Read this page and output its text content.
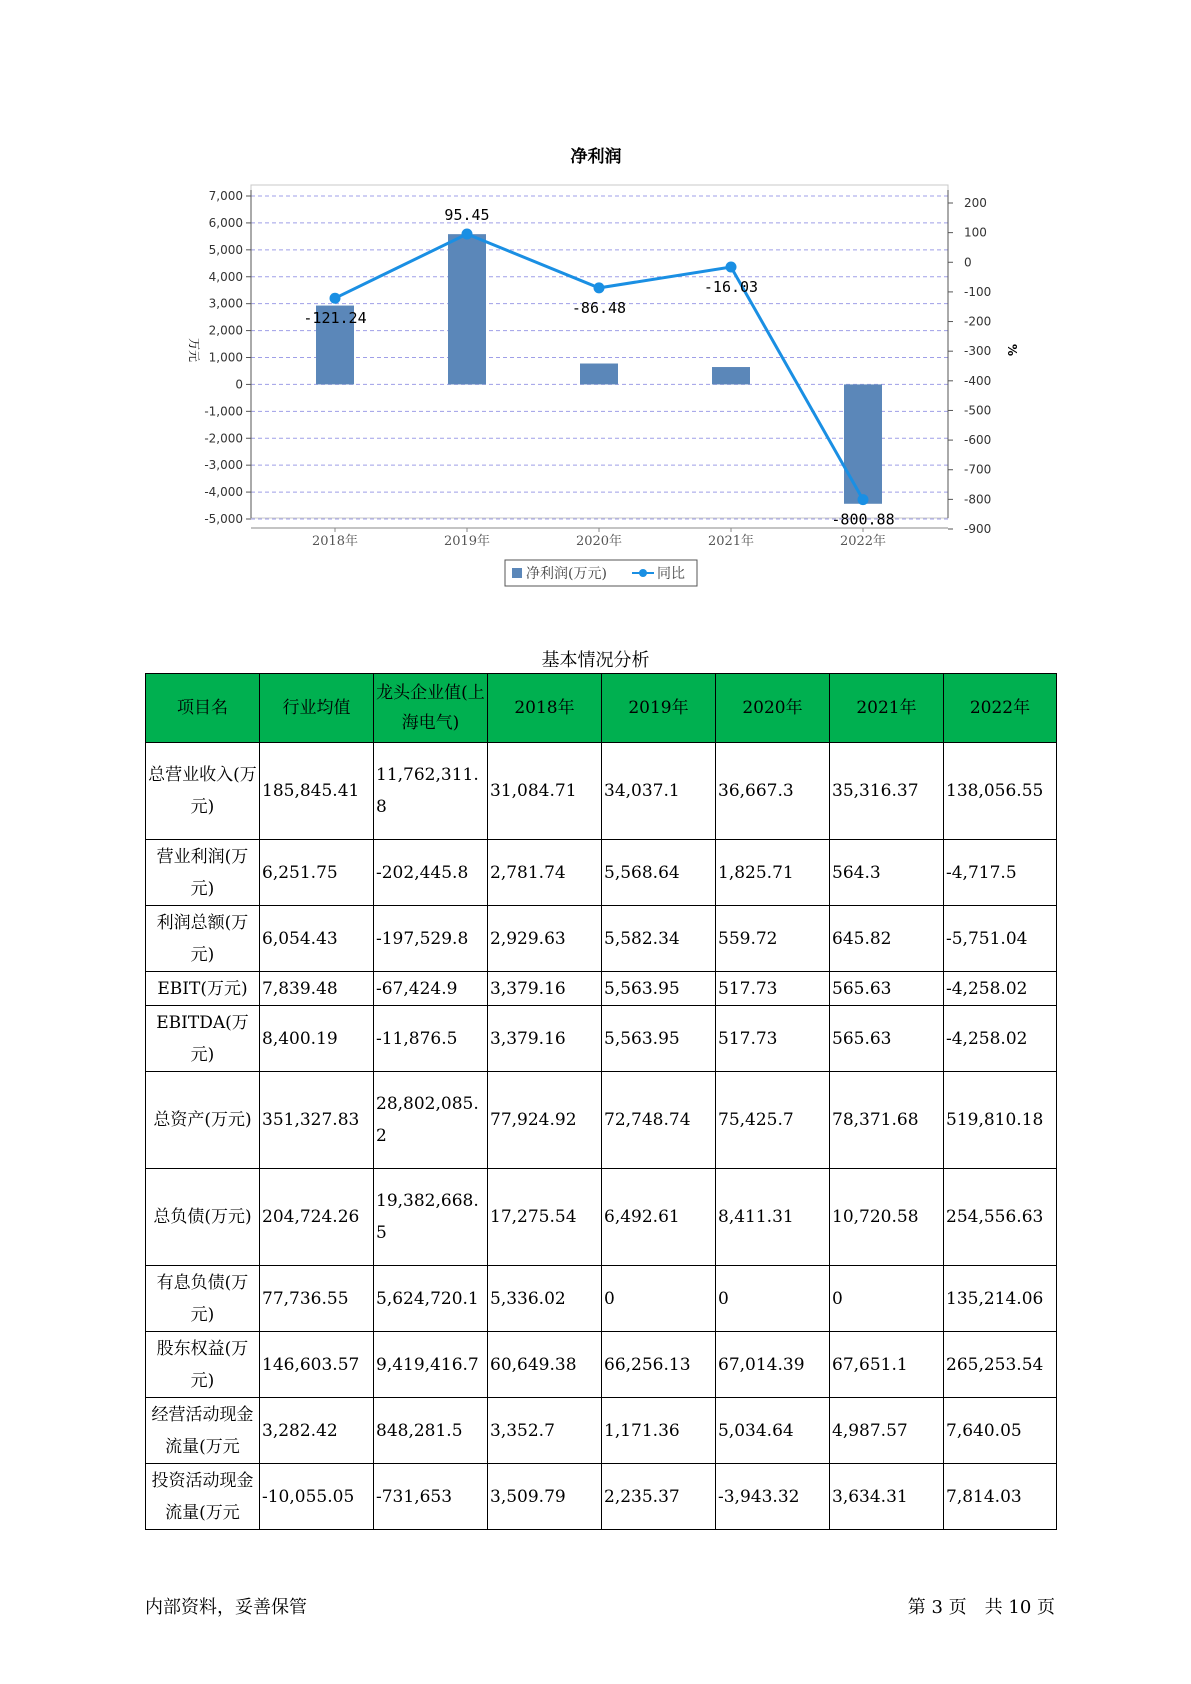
净利润
7,000
6,000
5,000
4,000
3,000
2,000
1,000
0
-1,000
-2,000
-3,000
-4,000
-5,000
200
100
0
-100
-200
-300
-400
-500
-600
-700
-800
-900
-121.24
95.45
-86.48
-16.03
-800.88
2018年	2019年	2020年	2021年	2022年
万元	%
净利润(万元)	同比
基本情况分析
项目名	行业均值	龙头企业值(上海电气)	2018年	2019年	2020年	2021年	2022年
总营业收入(万元)	185,845.41	11,762,311.8	31,084.71	34,037.1	36,667.3	35,316.37	138,056.55
营业利润(万元)	6,251.75	-202,445.8	2,781.74	5,568.64	1,825.71	564.3	-4,717.5
利润总额(万元)	6,054.43	-197,529.8	2,929.63	5,582.34	559.72	645.82	-5,751.04
EBIT(万元)	7,839.48	-67,424.9	3,379.16	5,563.95	517.73	565.63	-4,258.02
EBITDA(万元)	8,400.19	-11,876.5	3,379.16	5,563.95	517.73	565.63	-4,258.02
总资产(万元)	351,327.83	28,802,085.2	77,924.92	72,748.74	75,425.7	78,371.68	519,810.18
总负债(万元)	204,724.26	19,382,668.5	17,275.54	6,492.61	8,411.31	10,720.58	254,556.63
有息负债(万元)	77,736.55	5,624,720.1	5,336.02	0	0	0	135,214.06
股东权益(万元)	146,603.57	9,419,416.7	60,649.38	66,256.13	67,014.39	67,651.1	265,253.54
经营活动现金流量(万元	3,282.42	848,281.5	3,352.7	1,171.36	5,034.64	4,987.57	7,640.05
投资活动现金流量(万元	-10,055.05	-731,653	3,509.79	2,235.37	-3,943.32	3,634.31	7,814.03
内部资料，妥善保管	第 3 页　共 10 页
